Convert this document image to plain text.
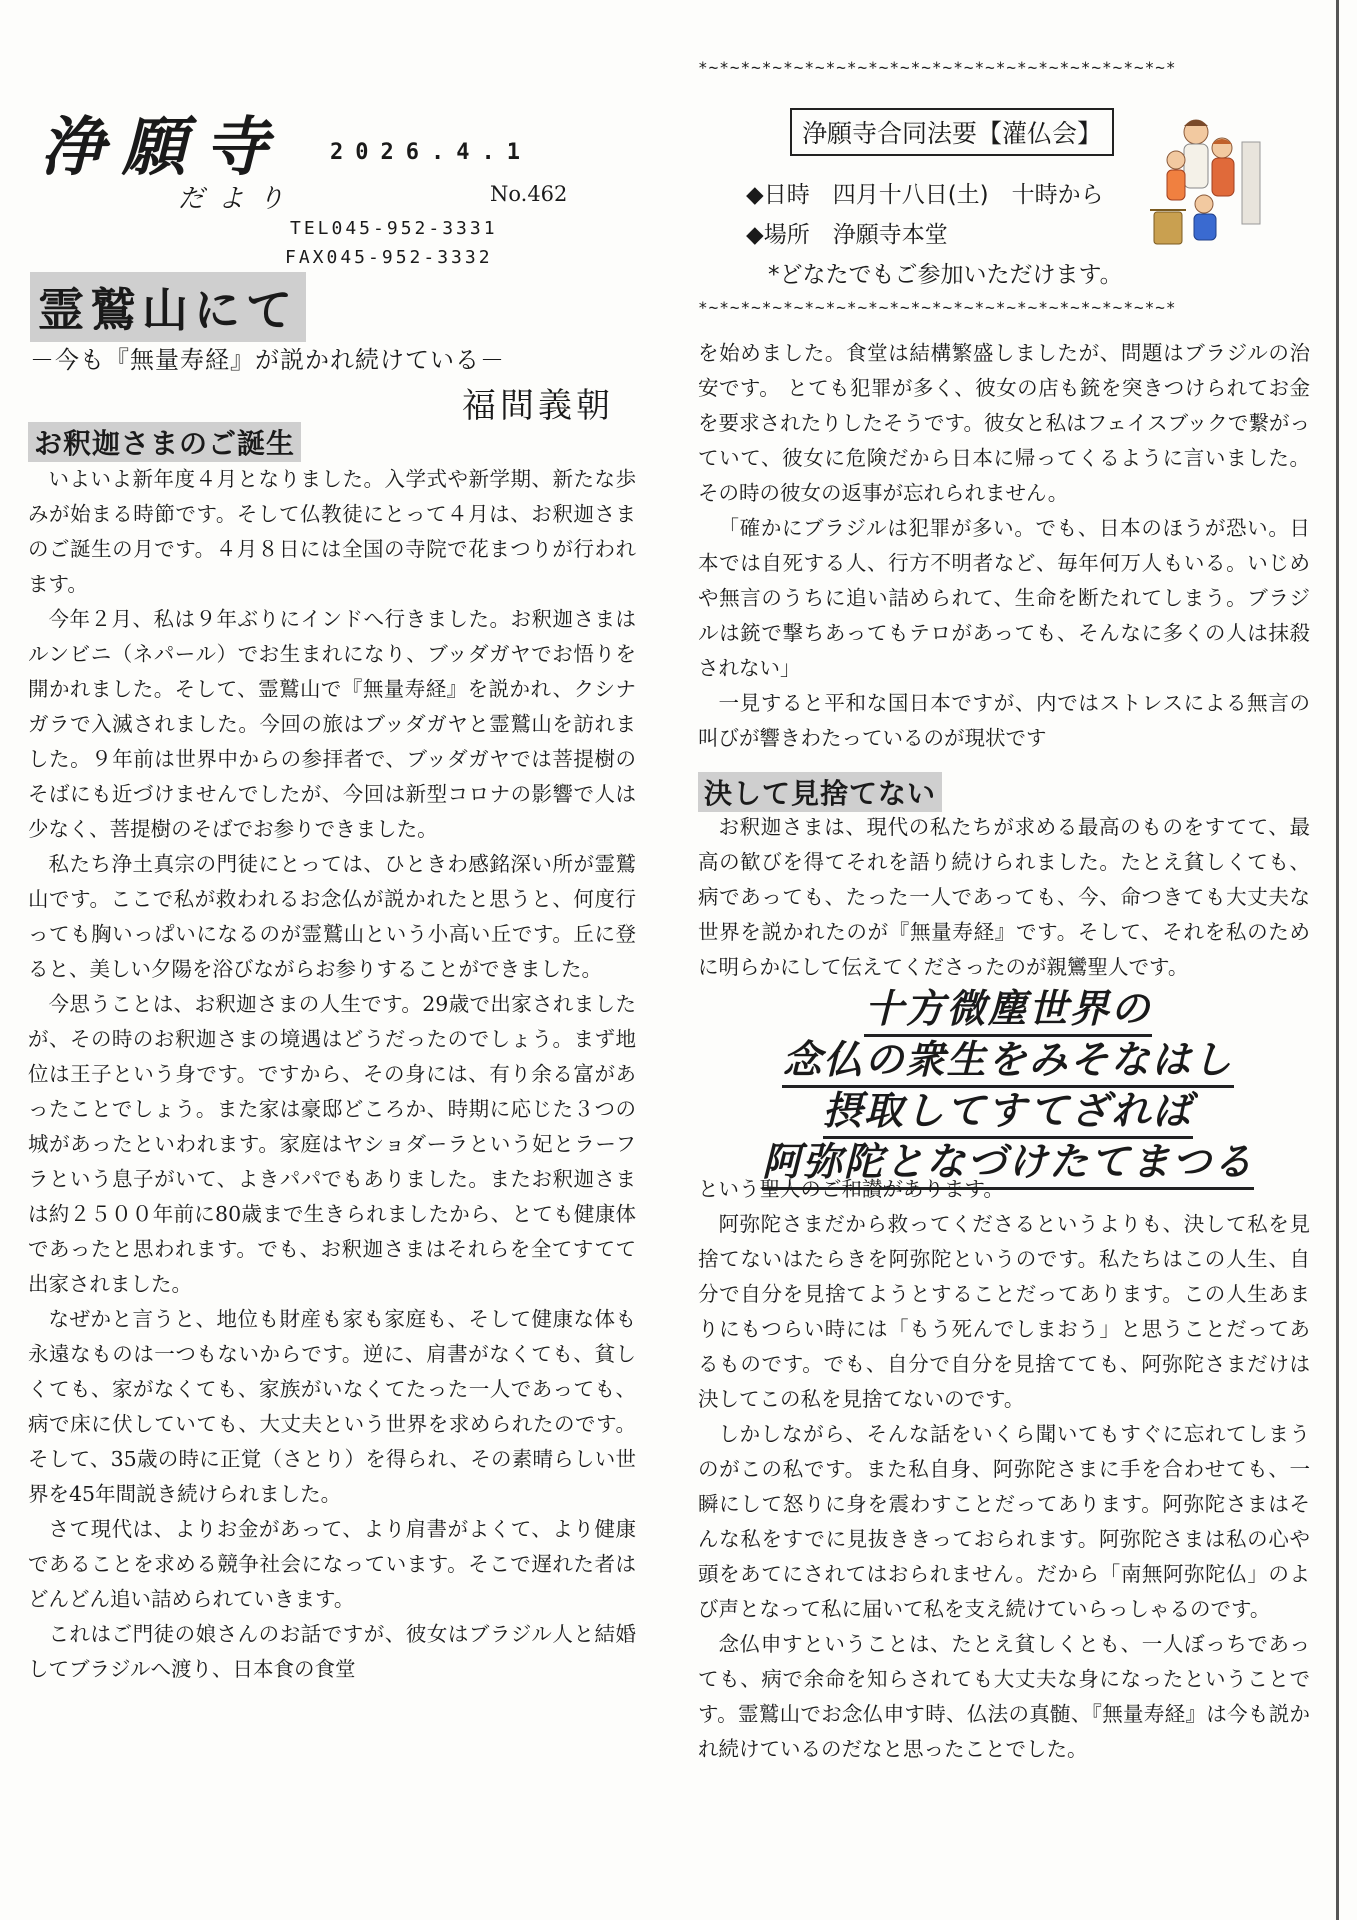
浄願寺 2026.4.1
だより	No.462
TEL045-952-3331
FAX045-952-3332
霊鷲山にて
－今も『無量寿経』が説かれ続けている－
福間義朝
お釈迦さまのご誕生

いよいよ新年度４月となりました。入学式や新学期、新たな歩みが始まる時節です。そして仏教徒にとって４月は、お釈迦さまのご誕生の月です。４月８日には全国の寺院で花まつりが行われます。

今年２月、私は９年ぶりにインドへ行きました。お釈迦さまはルンビニ（ネパール）でお生まれになり、ブッダガヤでお悟りを開かれました。そして、霊鷲山で『無量寿経』を説かれ、クシナガラで入滅されました。今回の旅はブッダガヤと霊鷲山を訪れました。９年前は世界中からの参拝者で、ブッダガヤでは菩提樹のそばにも近づけませんでしたが、今回は新型コロナの影響で人は少なく、菩提樹のそばでお参りできました。

私たち浄土真宗の門徒にとっては、ひときわ感銘深い所が霊鷲山です。ここで私が救われるお念仏が説かれたと思うと、何度行っても胸いっぱいになるのが霊鷲山という小高い丘です。丘に登ると、美しい夕陽を浴びながらお参りすることができました。

今思うことは、お釈迦さまの人生です。29歳で出家されましたが、その時のお釈迦さまの境遇はどうだったのでしょう。まず地位は王子という身です。ですから、その身には、有り余る富があったことでしょう。また家は豪邸どころか、時期に応じた３つの城があったといわれます。家庭はヤショダーラという妃とラーフラという息子がいて、よきパパでもありました。またお釈迦さまは約２５００年前に80歳まで生きられましたから、とても健康体であったと思われます。でも、お釈迦さまはそれらを全てすてて出家されました。

なぜかと言うと、地位も財産も家も家庭も、そして健康な体も永遠なものは一つもないからです。逆に、肩書がなくても、貧しくても、家がなくても、家族がいなくてたった一人であっても、病で床に伏していても、大丈夫という世界を求められたのです。そして、35歳の時に正覚（さとり）を得られ、その素晴らしい世界を45年間説き続けられました。

さて現代は、よりお金があって、より肩書がよくて、より健康であることを求める競争社会になっています。そこで遅れた者はどんどん追い詰められていきます。

これはご門徒の娘さんのお話ですが、彼女はブラジル人と結婚してブラジルへ渡り、日本食の食堂

*~*~*~*~*~*~*~*~*~*~*~*~*~*~*~*~*~*~*~*~*~*~*
浄願寺合同法要【灌仏会】
◆日時　四月十八日(土)　十時から
◆場所　浄願寺本堂
*どなたでもご参加いただけます。
*~*~*~*~*~*~*~*~*~*~*~*~*~*~*~*~*~*~*~*~*~*~*

を始めました。食堂は結構繁盛しましたが、問題はブラジルの治安です。 とても犯罪が多く、彼女の店も銃を突きつけられてお金を要求されたりしたそうです。彼女と私はフェイスブックで繋がっていて、彼女に危険だから日本に帰ってくるように言いました。その時の彼女の返事が忘れられません。

「確かにブラジルは犯罪が多い。でも、日本のほうが恐い。日本では自死する人、行方不明者など、毎年何万人もいる。いじめや無言のうちに追い詰められて、生命を断たれてしまう。ブラジルは銃で撃ちあってもテロがあっても、そんなに多くの人は抹殺されない」

一見すると平和な国日本ですが、内ではストレスによる無言の叫びが響きわたっているのが現状です

決して見捨てない

お釈迦さまは、現代の私たちが求める最高のものをすてて、最高の歓びを得てそれを語り続けられました。たとえ貧しくても、病であっても、たった一人であっても、今、命つきても大丈夫な世界を説かれたのが『無量寿経』です。そして、それを私のために明らかにして伝えてくださったのが親鸞聖人です。

十方微塵世界の
念仏の衆生をみそなはし
摂取してすてざれば
阿弥陀となづけたてまつる

という聖人のご和讃があります。

阿弥陀さまだから救ってくださるというよりも、決して私を見捨てないはたらきを阿弥陀というのです。私たちはこの人生、自分で自分を見捨てようとすることだってあります。この人生あまりにもつらい時には「もう死んでしまおう」と思うことだってあるものです。でも、自分で自分を見捨てても、阿弥陀さまだけは決してこの私を見捨てないのです。

しかしながら、そんな話をいくら聞いてもすぐに忘れてしまうのがこの私です。また私自身、阿弥陀さまに手を合わせても、一瞬にして怒りに身を震わすことだってあります。阿弥陀さまはそんな私をすでに見抜ききっておられます。阿弥陀さまは私の心や頭をあてにされてはおられません。だから「南無阿弥陀仏」のよび声となって私に届いて私を支え続けていらっしゃるのです。

念仏申すということは、たとえ貧しくとも、一人ぼっちであっても、病で余命を知らされても大丈夫な身になったということです。霊鷲山でお念仏申す時、仏法の真髄、『無量寿経』は今も説かれ続けているのだなと思ったことでした。
